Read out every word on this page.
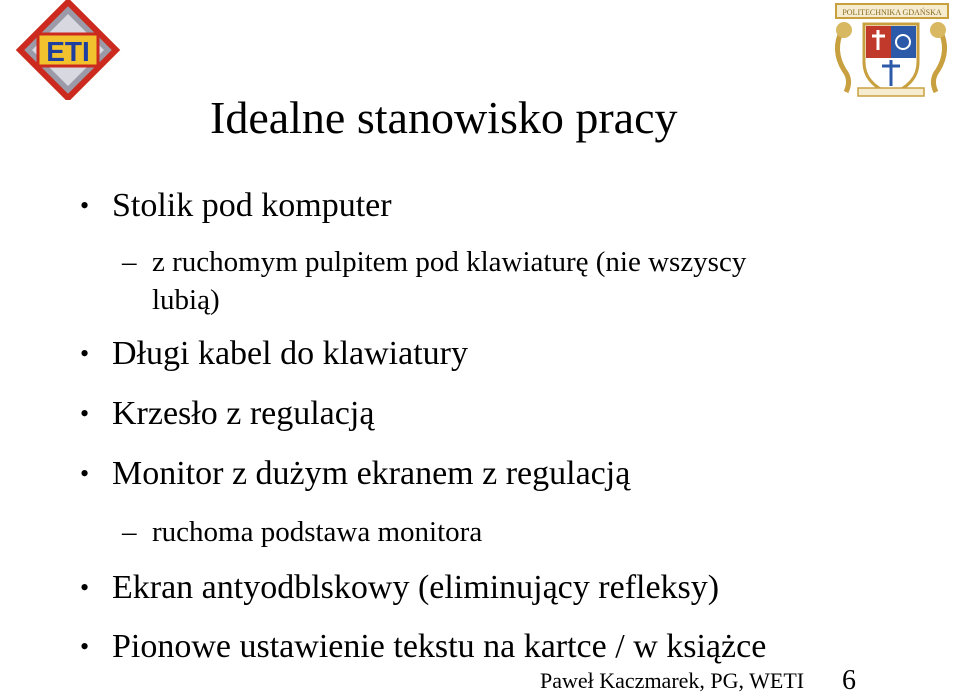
ETI
POLITECHNIKA GDAŃSKA
Idealne stanowisko pracy
• Stolik pod komputer
– z ruchomym pulpitem pod klawiaturę (nie wszyscy
lubią)
• Długi kabel do klawiatury
• Krzesło z regulacją
• Monitor z dużym ekranem z regulacją
– ruchoma podstawa monitora
• Ekran antyodblskowy (eliminujący refleksy)
• Pionowe ustawienie tekstu na kartce / w książce
Paweł Kaczmarek, PG, WETI 6
